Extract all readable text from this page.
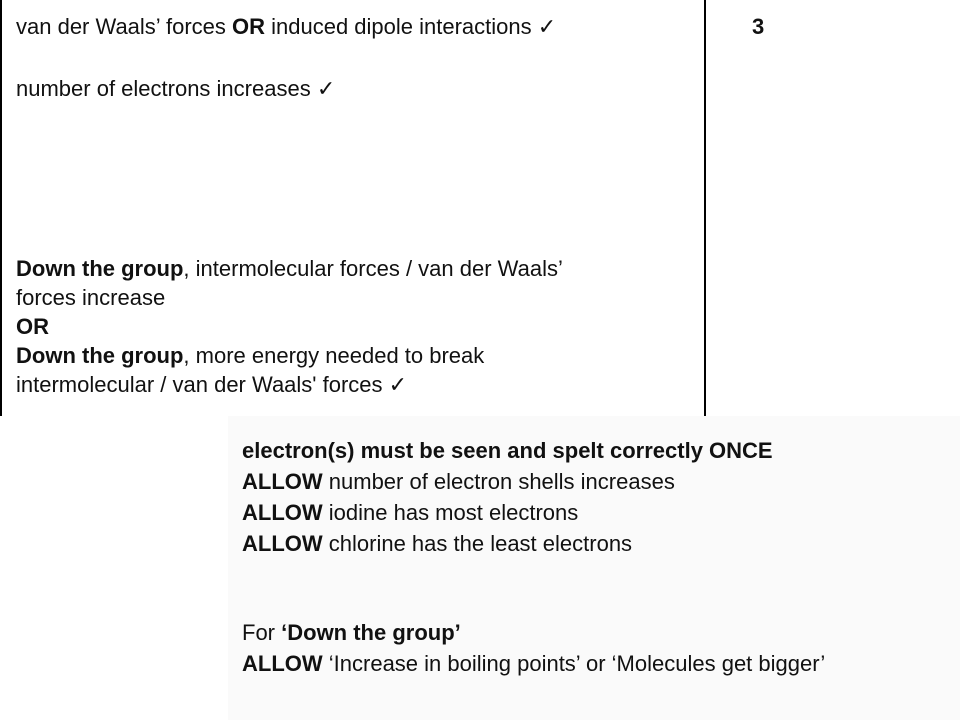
van der Waals’ forces OR induced dipole interactions ✓

number of electrons increases ✓

Down the group, intermolecular forces / van der Waals’

forces increase

OR

Down the group, more energy needed to break

intermolecular / van der Waals' forces ✓

3

electron(s) must be seen and spelt correctly ONCE

ALLOW number of electron shells increases

ALLOW iodine has most electrons

ALLOW chlorine has the least electrons

For ‘Down the group’

ALLOW ‘Increase in boiling points’ or ‘Molecules get bigger’
